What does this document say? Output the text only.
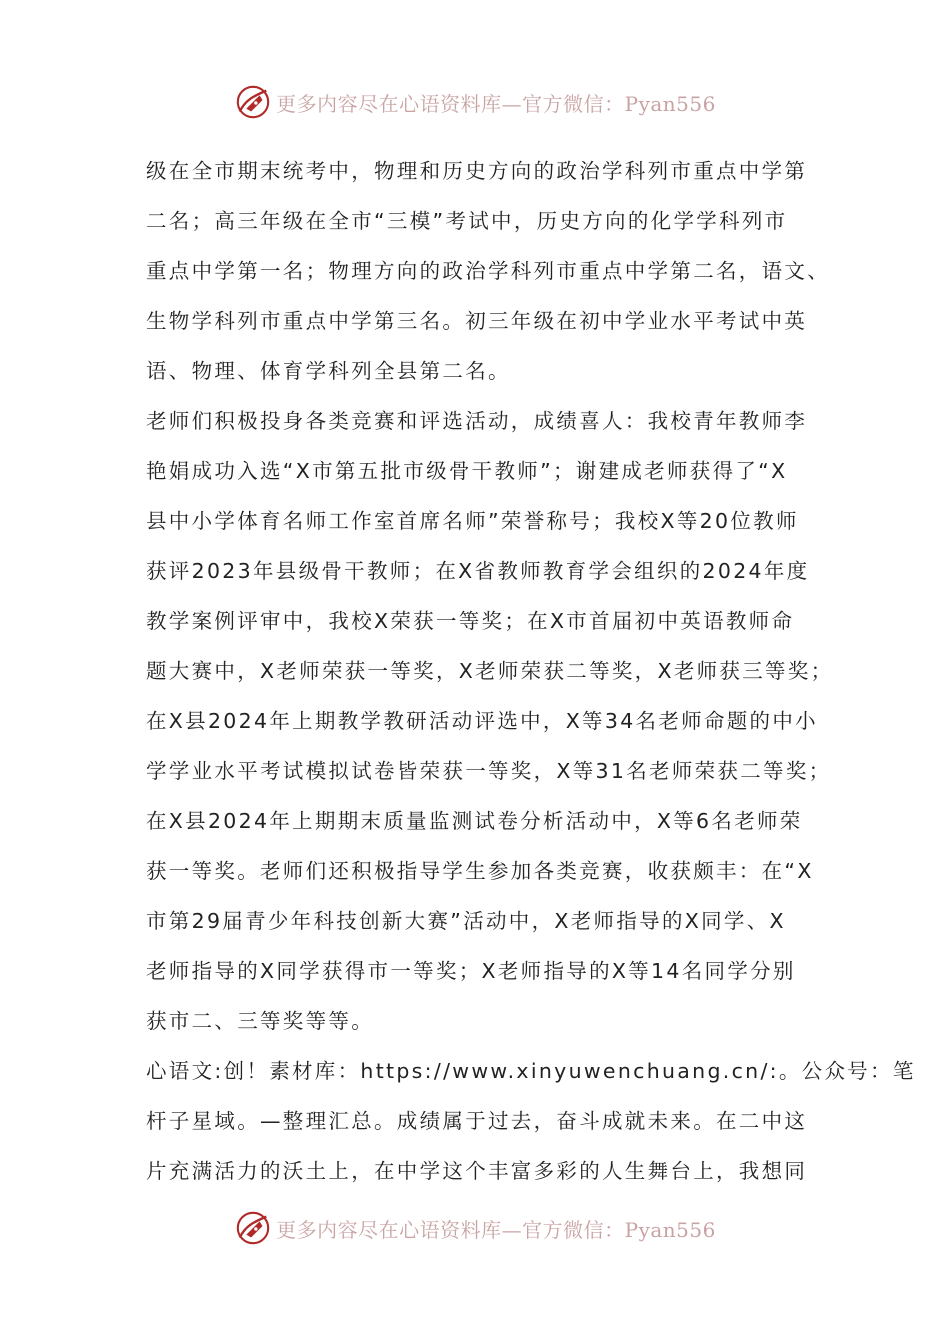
更多内容尽在心语资料库—官方微信：Pyan556

级在全市期末统考中，物理和历史方向的政治学科列市重点中学第

二名；高三年级在全市“三模”考试中，历史方向的化学学科列市

重点中学第一名；物理方向的政治学科列市重点中学第二名，语文、

生物学科列市重点中学第三名。初三年级在初中学业水平考试中英

语、物理、体育学科列全县第二名。

老师们积极投身各类竞赛和评选活动，成绩喜人：我校青年教师李

艳娟成功入选“X市第五批市级骨干教师”；谢建成老师获得了“X

县中小学体育名师工作室首席名师”荣誉称号；我校X等20位教师

获评2023年县级骨干教师；在X省教师教育学会组织的2024年度

教学案例评审中，我校X荣获一等奖；在X市首届初中英语教师命

题大赛中，X老师荣获一等奖，X老师荣获二等奖，X老师获三等奖；

在X县2024年上期教学教研活动评选中，X等34名老师命题的中小

学学业水平考试模拟试卷皆荣获一等奖，X等31名老师荣获二等奖；

在X县2024年上期期末质量监测试卷分析活动中，X等6名老师荣

获一等奖。老师们还积极指导学生参加各类竞赛，收获颇丰：在“X

市第29届青少年科技创新大赛”活动中，X老师指导的X同学、X

老师指导的X同学获得市一等奖；X老师指导的X等14名同学分别

获市二、三等奖等等。

心语文:创！素材库：https://www.xinyuwenchuang.cn/:。公众号：笔

杆子星域。—整理汇总。成绩属于过去，奋斗成就未来。在二中这

片充满活力的沃土上，在中学这个丰富多彩的人生舞台上，我想同

更多内容尽在心语资料库—官方微信：Pyan556
